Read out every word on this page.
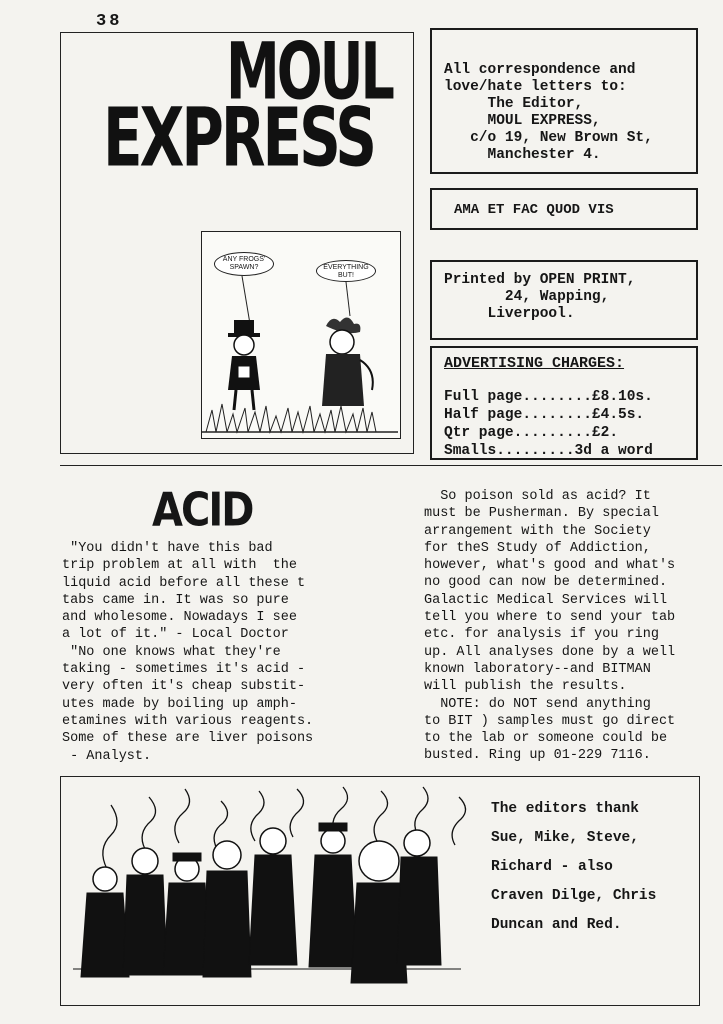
38
MOUL
EXPRESS
ANY FROGS' SPAWN?	EVERYTHING BUT!
All correspondence and
love/hate letters to:
The Editor,
MOUL EXPRESS,
c/o 19, New Brown St,
Manchester 4.
AMA ET FAC QUOD VIS
Printed by OPEN PRINT,
24, Wapping,
Liverpool.
ADVERTISING CHARGES:
Full page........£8.10s.
Half page........£4.5s.
Qtr page.........£2.
Smalls.........3d a word
ACID
"You didn't have this bad
trip problem at all with  the
liquid acid before all these t
tabs came in. It was so pure
and wholesome. Nowadays I see
a lot of it." - Local Doctor
"No one knows what they're
taking - sometimes it's acid -
very often it's cheap substit-
utes made by boiling up amph-
etamines with various reagents.
Some of these are liver poisons
- Analyst.
So poison sold as acid? It
must be Pusherman. By special
arrangement with the Society
for theS Study of Addiction,
however, what's good and what's
no good can now be determined.
Galactic Medical Services will
tell you where to send your tab
etc. for analysis if you ring
up. All analyses done by a well
known laboratory--and BITMAN
will publish the results.
NOTE: do NOT send anything
to BIT ) samples must go direct
to the lab or someone could be
busted. Ring up 01-229 7116.
The editors thank
Sue, Mike, Steve,
Richard - also
Craven Dilge, Chris
Duncan and Red.
